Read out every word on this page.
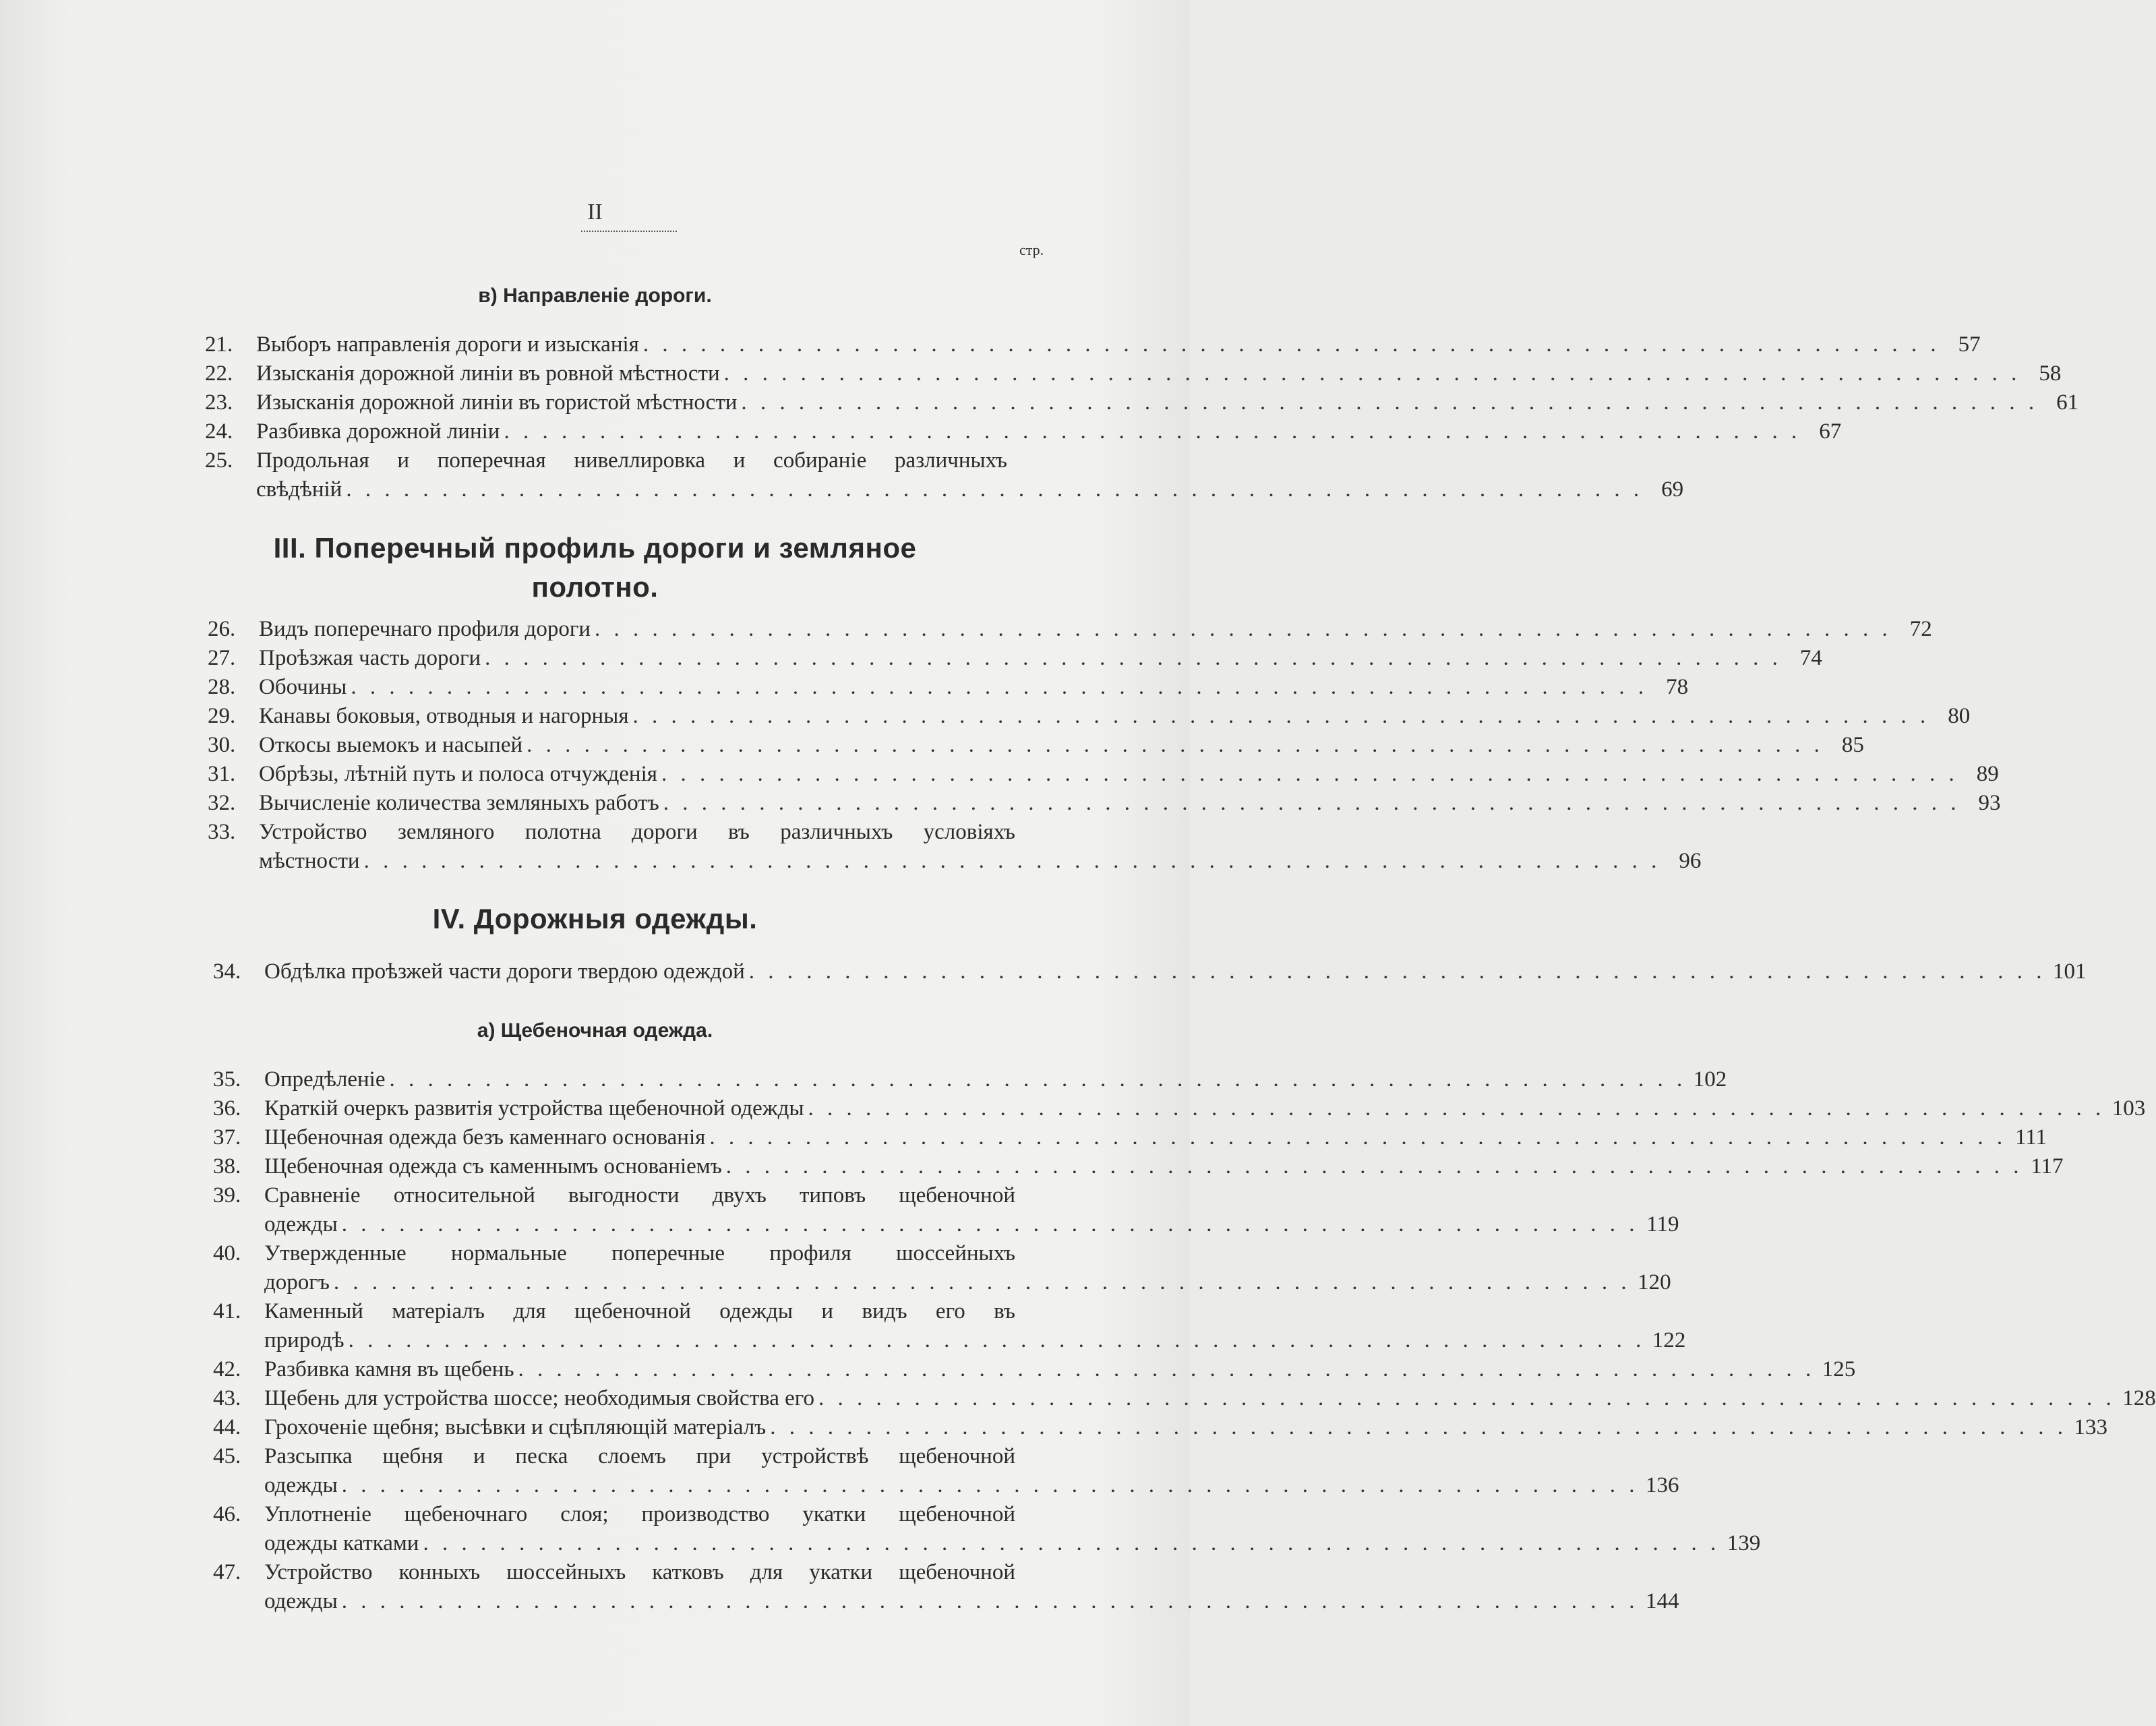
II
стр.
в) Направленіе дороги.
21.	Выборъ направленія дороги и изысканія . . .	57
22.	Изысканія дорожной линіи въ ровной мѣстности . . .	58
23.	Изысканія дорожной линіи въ гористой мѣстности . . .	61
24.	Разбивка дорожной линіи . . .	67
25.	Продольная и поперечная нивеллировка и собираніе различныхъ
свѣдѣній . . .	69
III. Поперечный профиль дороги и земляное
полотно.
26.	Видъ поперечнаго профиля дороги . . .	72
27.	Проѣзжая часть дороги . . .	74
28.	Обочины . . .	78
29.	Канавы боковыя, отводныя и нагорныя . . .	80
30.	Откосы выемокъ и насыпей . . .	85
31.	Обрѣзы, лѣтній путь и полоса отчужденія . . .	89
32.	Вычисленіе количества земляныхъ работъ . . .	93
33.	Устройство земляного полотна дороги въ различныхъ условіяхъ
мѣстности . . .	96
IV. Дорожныя одежды.
34.	Обдѣлка проѣзжей части дороги твердою одеждой . . .	101
а) Щебеночная одежда.
35.	Опредѣленіе . . .	102
36.	Краткій очеркъ развитія устройства щебеночной одежды . . .	103
37.	Щебеночная одежда безъ каменнаго основанія . . .	111
38.	Щебеночная одежда съ каменнымъ основаніемъ . . .	117
39.	Сравненіе относительной выгодности двухъ типовъ щебеночной
одежды . . .	119
40.	Утвержденные нормальные поперечные профиля шоссейныхъ
дорогъ . . .	120
41.	Каменный матеріалъ для щебеночной одежды и видъ его въ
природѣ . . .	122
42.	Разбивка камня въ щебень . . .	125
43.	Щебень для устройства шоссе; необходимыя свойства его . . .	128
44.	Грохоченіе щебня; высѣвки и сцѣпляющій матеріалъ . . .	133
45.	Разсыпка щебня и песка слоемъ при устройствѣ щебеночной
одежды . . .	136
46.	Уплотненіе щебеночнаго слоя; производство укатки щебеночной
одежды катками . . .	139
47.	Устройство конныхъ шоссейныхъ катковъ для укатки щебеночной
одежды . . .	144
